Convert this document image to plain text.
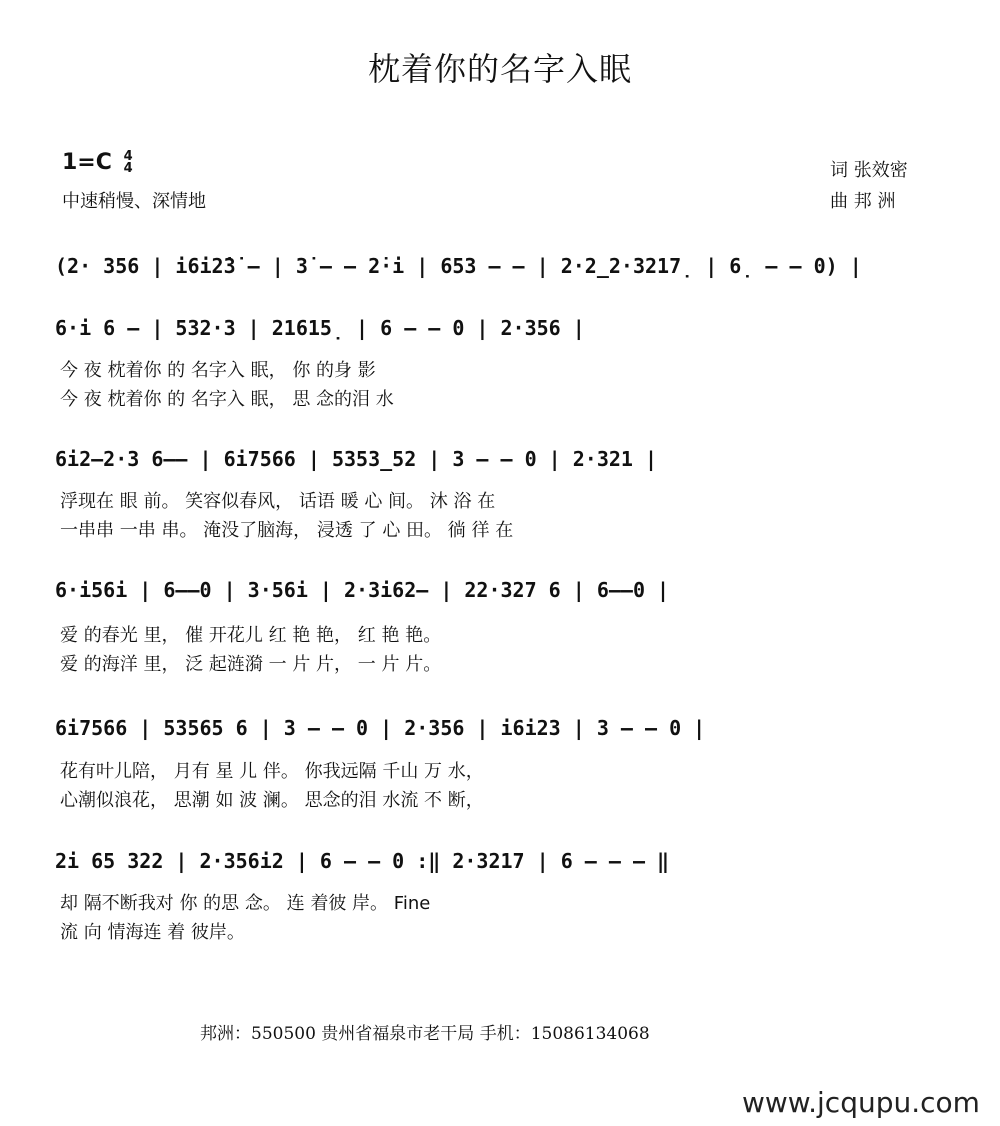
枕着你的名字入眠
1=C 4
4
中速稍慢、深情地
词 张效密
曲 邦 洲
(2· 356 | i6i2̇3̇ — | 3̇ — — 2̇·i | 653 — — | 2·2̲2·3217̣ | 6̣ — — 0) |
6·i 6 — | 532·3 | 21615̣ | 6 — — 0 | 2·356 |
今 夜 枕着你 的 名字入 眠， 你 的身 影
今 夜 枕着你 的 名字入 眠， 思 念的泪 水
6i2—2·3 6—— | 6i7566 | 5353̲52 | 3 — — 0 | 2·321 |
浮现在 眼 前。 笑容似春风， 话语 暖 心 间。 沐 浴 在
一串串 一串 串。 淹没了脑海， 浸透 了 心 田。 徜 徉 在
6·i56i | 6——0 | 3·56i | 2·3i62— | 22·327 6 | 6——0 |
爱 的春光 里， 催 开花儿 红 艳 艳， 红 艳 艳。
爱 的海洋 里， 泛 起涟漪 一 片 片， 一 片 片。
6i7566 | 53565 6 | 3 — — 0 | 2·356 | i6i23 | 3 — — 0 |
花有叶儿陪， 月有 星 儿 伴。 你我远隔 千山 万 水，
心潮似浪花， 思潮 如 波 澜。 思念的泪 水流 不 断，
2i 65 322 | 2·356i2 | 6 — — 0 :‖ 2·3217 | 6 — — — ‖
却 隔不断我对 你 的思 念。 连 着彼 岸。 Fine
流 向 情海连 着 彼岸。
邦洲：550500 贵州省福泉市老干局 手机：15086134068
www.jcqupu.com
